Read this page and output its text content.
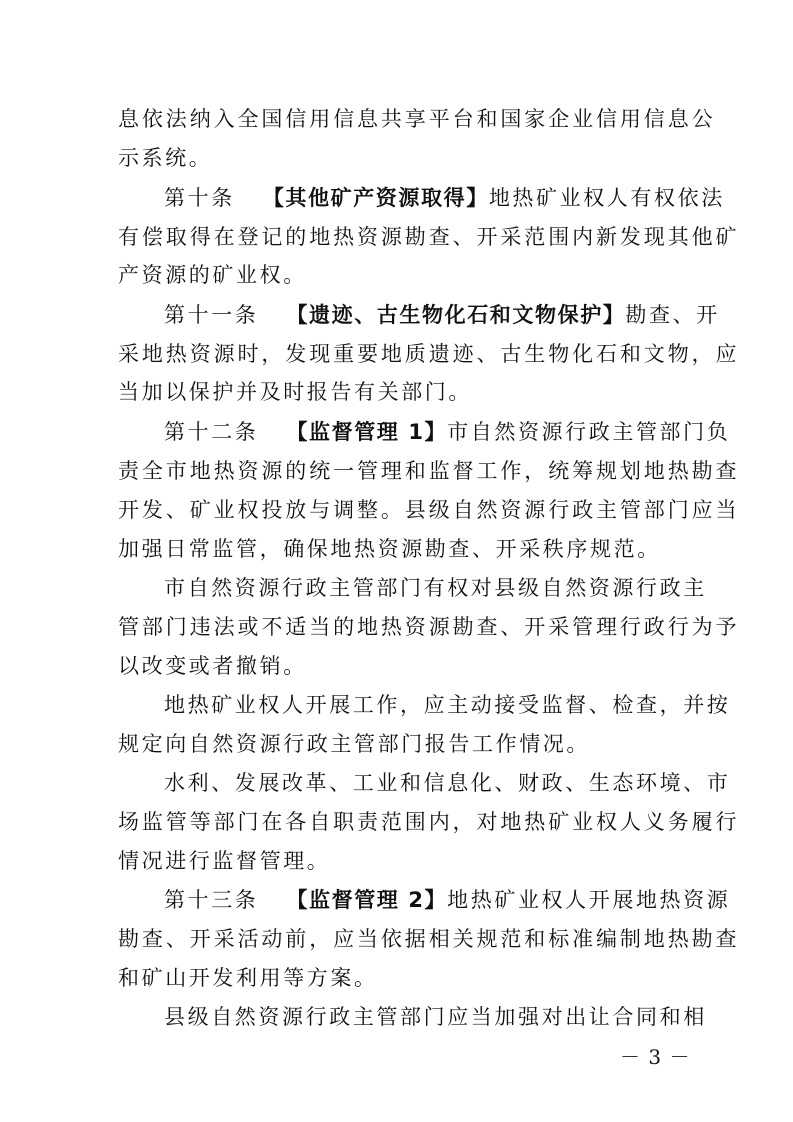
息依法纳入全国信用信息共享平台和国家企业信用信息公
示系统。
第十条 【其他矿产资源取得】地热矿业权人有权依法
有偿取得在登记的地热资源勘查、开采范围内新发现其他矿
产资源的矿业权。
第十一条 【遗迹、古生物化石和文物保护】勘查、开
采地热资源时，发现重要地质遗迹、古生物化石和文物，应
当加以保护并及时报告有关部门。
第十二条 【监督管理 1】市自然资源行政主管部门负
责全市地热资源的统一管理和监督工作，统筹规划地热勘查
开发、矿业权投放与调整。县级自然资源行政主管部门应当
加强日常监管，确保地热资源勘查、开采秩序规范。
市自然资源行政主管部门有权对县级自然资源行政主
管部门违法或不适当的地热资源勘查、开采管理行政行为予
以改变或者撤销。
地热矿业权人开展工作，应主动接受监督、检查，并按
规定向自然资源行政主管部门报告工作情况。
水利、发展改革、工业和信息化、财政、生态环境、市
场监管等部门在各自职责范围内，对地热矿业权人义务履行
情况进行监督管理。
第十三条 【监督管理 2】地热矿业权人开展地热资源
勘查、开采活动前，应当依据相关规范和标准编制地热勘查
和矿山开发利用等方案。
县级自然资源行政主管部门应当加强对出让合同和相
－ 3 －
